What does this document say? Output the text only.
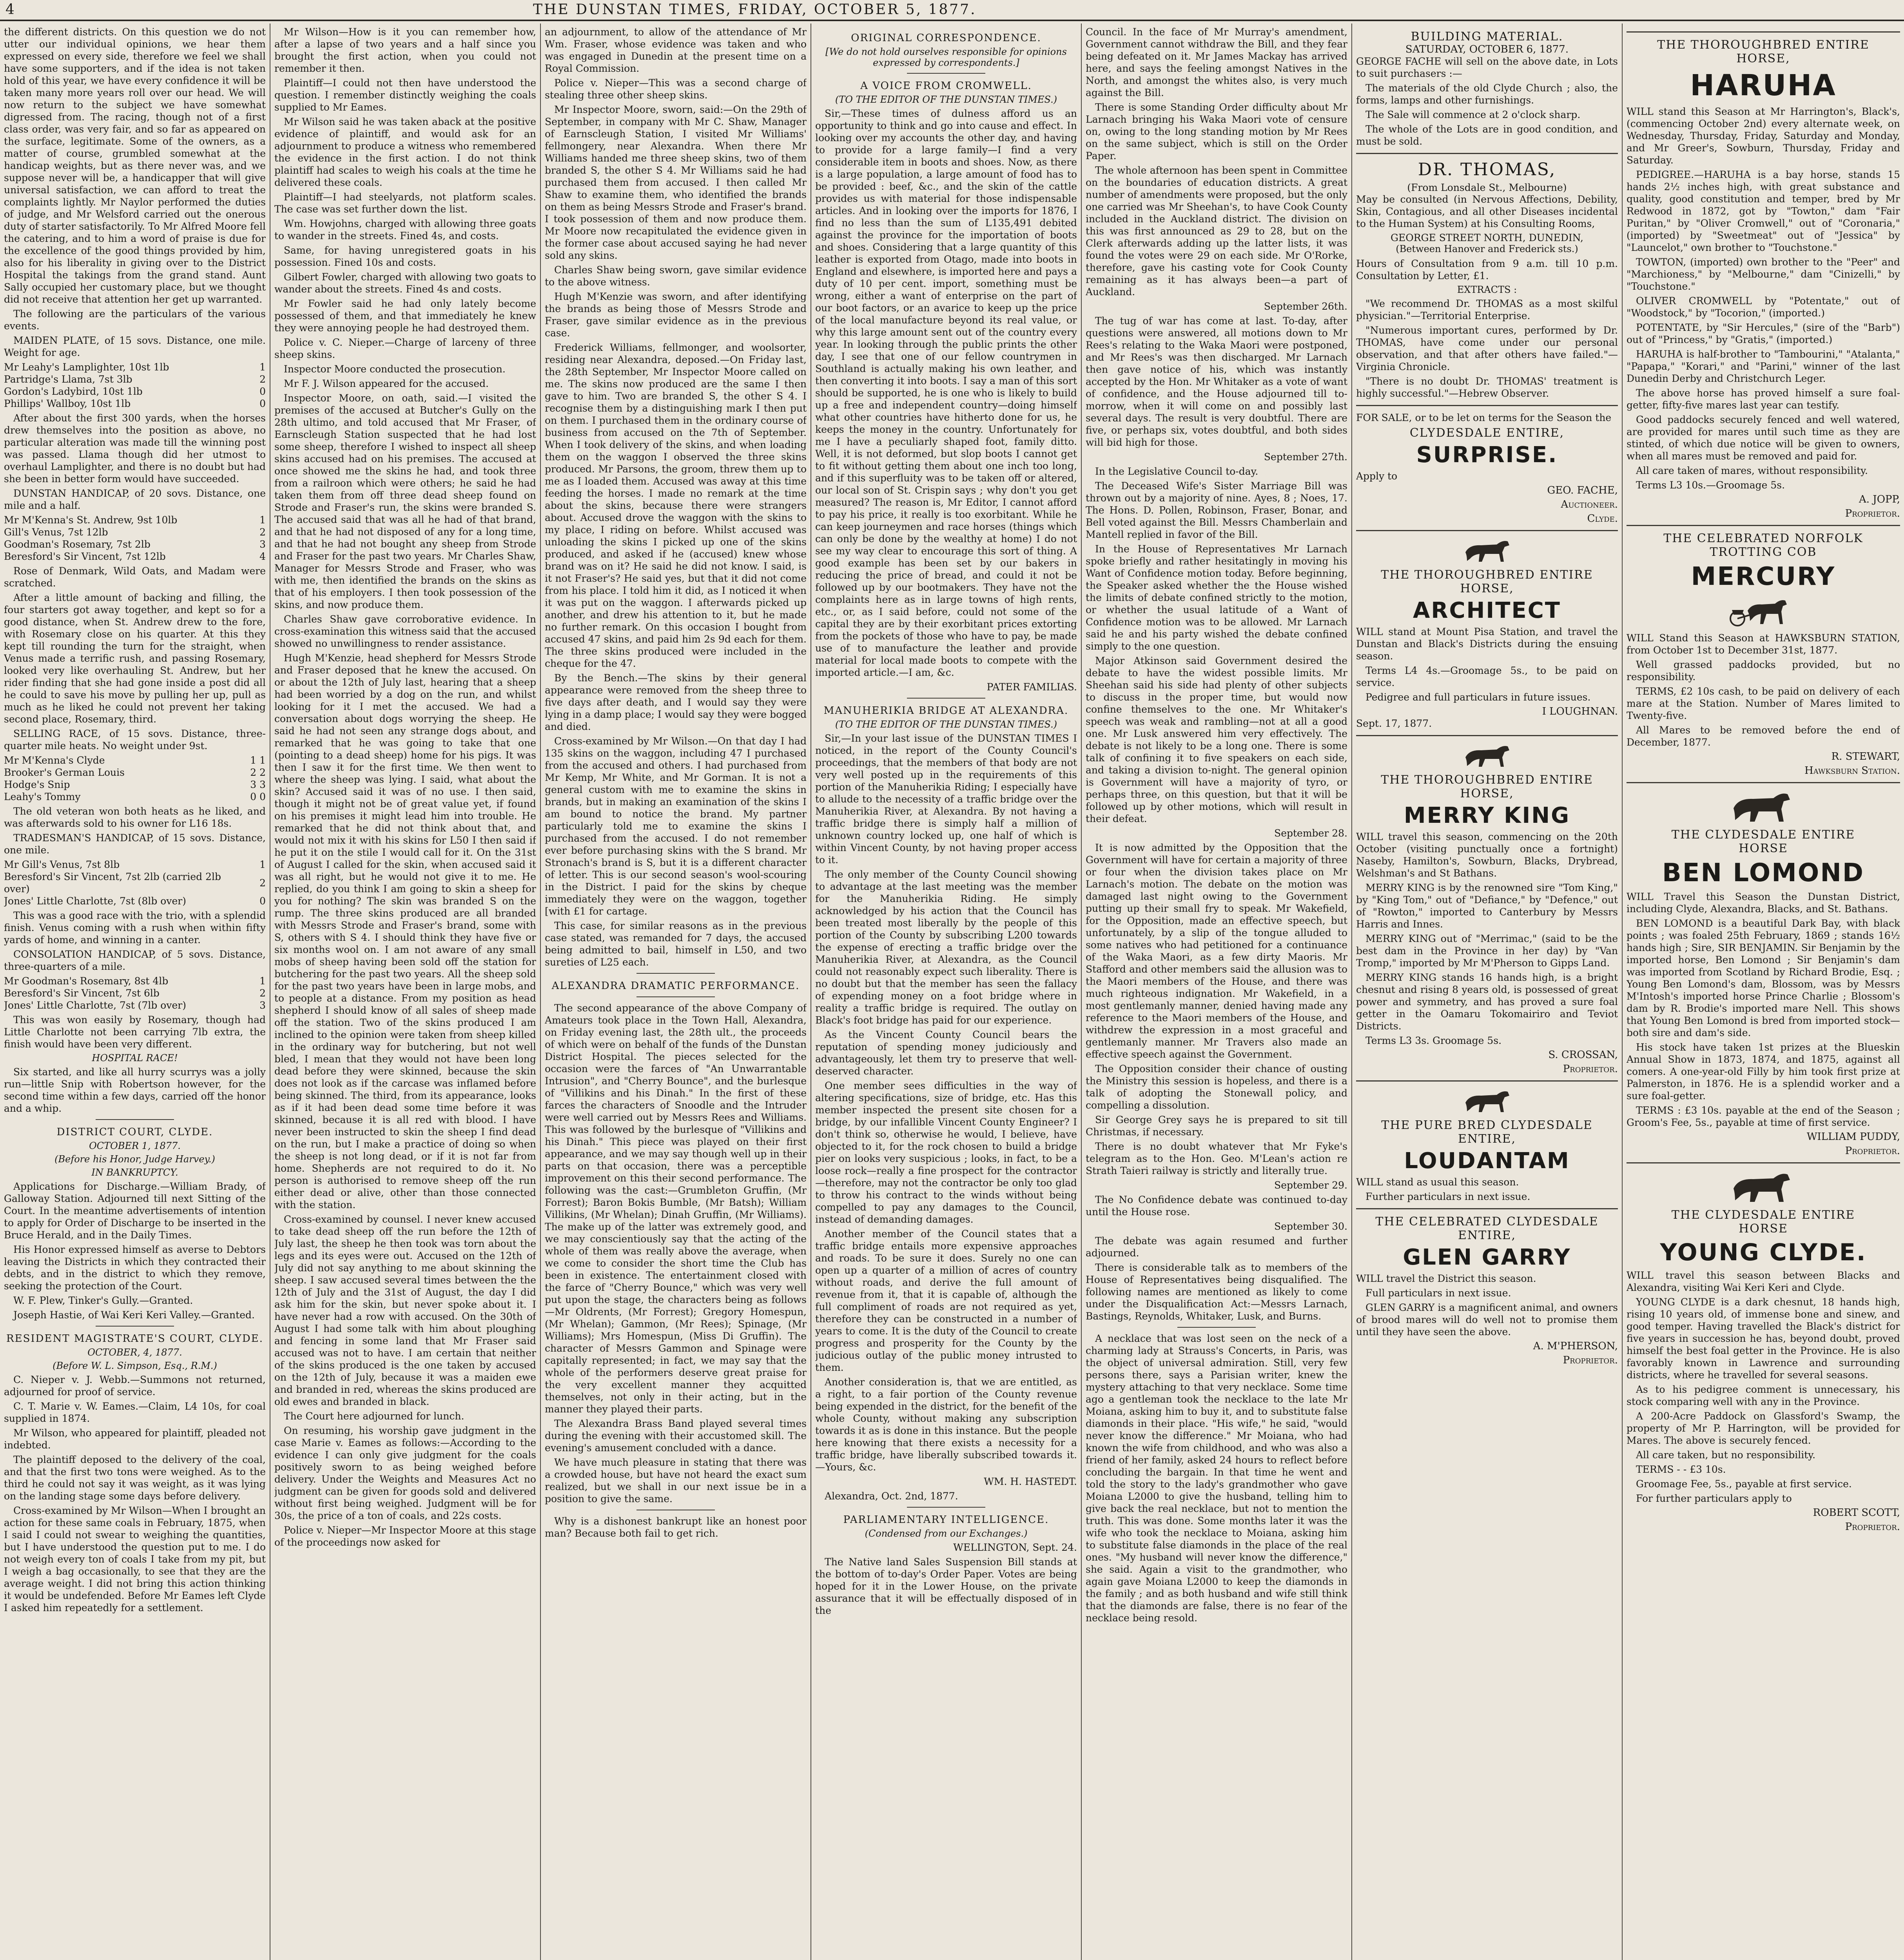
4	THE DUNSTAN TIMES, FRIDAY, OCTOBER 5, 1877.

the different districts. On this question we do not utter our individual opinions, we hear them expressed on every side, therefore we feel we shall have some supporters, and if the idea is not taken hold of this year, we have every confidence it will be taken many more years roll over our head. We will now return to the subject we have somewhat digressed from. The racing, though not of a first class order, was very fair, and so far as appeared on the surface, legitimate. Some of the owners, as a matter of course, grumbled somewhat at the handicap weights, but as there never was, and we suppose never will be, a handicapper that will give universal satisfaction, we can afford to treat the complaints lightly. Mr Naylor performed the duties of judge, and Mr Welsford carried out the onerous duty of starter satisfactorily. To Mr Alfred Moore fell the catering, and to him a word of praise is due for the excellence of the good things provided by him, also for his liberality in giving over to the District Hospital the takings from the grand stand. Aunt Sally occupied her customary place, but we thought did not receive that attention her get up warranted.

The following are the particulars of the various events.

MAIDEN PLATE, of 15 sovs. Distance, one mile. Weight for age.

Mr Leahy's Lamplighter, 10st 1lb	1
Partridge's Llama, 7st 3lb	2
Gordon's Ladybird, 10st 1lb	0
Phillips' Wallboy, 10st 1lb	0

After about the first 300 yards, when the horses drew themselves into the position as above, no particular alteration was made till the winning post was passed. Llama though did her utmost to overhaul Lamplighter, and there is no doubt but had she been in better form would have succeeded.

DUNSTAN HANDICAP, of 20 sovs. Distance, one mile and a half.

Mr M'Kenna's St. Andrew, 9st 10lb	1
Gill's Venus, 7st 12lb	2
Goodman's Rosemary, 7st 2lb	3
Beresford's Sir Vincent, 7st 12lb	4

Rose of Denmark, Wild Oats, and Madam were scratched.

After a little amount of backing and filling, the four starters got away together, and kept so for a good distance, when St. Andrew drew to the fore, with Rosemary close on his quarter. At this they kept till rounding the turn for the straight, when Venus made a terrific rush, and passing Rosemary, looked very like overhauling St. Andrew, but her rider finding that she had gone inside a post did all he could to save his move by pulling her up, pull as much as he liked he could not prevent her taking second place, Rosemary, third.

SELLING RACE, of 15 sovs. Distance, three-quarter mile heats. No weight under 9st.

Mr M'Kenna's Clyde	1 1
Brooker's German Louis	2 2
Hodge's Snip	3 3
Leahy's Tommy	0 0

The old veteran won both heats as he liked, and was afterwards sold to his owner for L16 18s.

TRADESMAN'S HANDICAP, of 15 sovs. Distance, one mile.

Mr Gill's Venus, 7st 8lb	1
Beresford's Sir Vincent, 7st 2lb (carried 2lb over)	2
Jones' Little Charlotte, 7st (8lb over)	0

This was a good race with the trio, with a splendid finish. Venus coming with a rush when within fifty yards of home, and winning in a canter.

CONSOLATION HANDICAP, of 5 sovs. Distance, three-quarters of a mile.

Mr Goodman's Rosemary, 8st 4lb	1
Beresford's Sir Vincent, 7st 6lb	2
Jones' Little Charlotte, 7st (7lb over)	3

This was won easily by Rosemary, though had Little Charlotte not been carrying 7lb extra, the finish would have been very different.

HOSPITAL RACE!

Six started, and like all hurry scurrys was a jolly run—little Snip with Robertson however, for the second time within a few days, carried off the honor and a whip.

DISTRICT COURT, CLYDE.
OCTOBER 1, 1877.
(Before his Honor, Judge Harvey.)
IN BANKRUPTCY.

Applications for Discharge.—William Brady, of Galloway Station. Adjourned till next Sitting of the Court. In the meantime advertisements of intention to apply for Order of Discharge to be inserted in the Bruce Herald, and in the Daily Times.

His Honor expressed himself as averse to Debtors leaving the Districts in which they contracted their debts, and in the district to which they remove, seeking the protection of the Court.

W. F. Plew, Tinker's Gully.—Granted.

Joseph Hastie, of Wai Keri Keri Valley.—Granted.

RESIDENT MAGISTRATE'S COURT, CLYDE.
OCTOBER, 4, 1877.
(Before W. L. Simpson, Esq., R.M.)

C. Nieper v. J. Webb.—Summons not returned, adjourned for proof of service.

C. T. Marie v. W. Eames.—Claim, L4 10s, for coal supplied in 1874.

Mr Wilson, who appeared for plaintiff, pleaded not indebted.

The plaintiff deposed to the delivery of the coal, and that the first two tons were weighed. As to the third he could not say it was weight, as it was lying on the landing stage some days before delivery.

Cross-examined by Mr Wilson—When I brought an action for these same coals in February, 1875, when I said I could not swear to weighing the quantities, but I have understood the question put to me. I do not weigh every ton of coals I take from my pit, but I weigh a bag occasionally, to see that they are the average weight. I did not bring this action thinking it would be undefended. Before Mr Eames left Clyde I asked him repeatedly for a settlement.

Mr Wilson—How is it you can remember how, after a lapse of two years and a half since you brought the first action, when you could not remember it then.

Plaintiff—I could not then have understood the question. I remember distinctly weighing the coals supplied to Mr Eames.

Mr Wilson said he was taken aback at the positive evidence of plaintiff, and would ask for an adjournment to produce a witness who remembered the evidence in the first action. I do not think plaintiff had scales to weigh his coals at the time he delivered these coals.

Plaintiff—I had steelyards, not platform scales. The case was set further down the list.

Wm. Howjohns, charged with allowing three goats to wander in the streets. Fined 4s, and costs.

Same, for having unregistered goats in his possession. Fined 10s and costs.

Gilbert Fowler, charged with allowing two goats to wander about the streets. Fined 4s and costs.

Mr Fowler said he had only lately become possessed of them, and that immediately he knew they were annoying people he had destroyed them.

Police v. C. Nieper.—Charge of larceny of three sheep skins.

Inspector Moore conducted the prosecution.

Mr F. J. Wilson appeared for the accused.

Inspector Moore, on oath, said.—I visited the premises of the accused at Butcher's Gully on the 28th ultimo, and told accused that Mr Fraser, of Earnscleugh Station suspected that he had lost some sheep, therefore I wished to inspect all sheep skins accused had on his premises. The accused at once showed me the skins he had, and took three from a railroon which were others; he said he had taken them from off three dead sheep found on Strode and Fraser's run, the skins were branded S. The accused said that was all he had of that brand, and that he had not disposed of any for a long time, and that he had not bought any sheep from Strode and Fraser for the past two years. Mr Charles Shaw, Manager for Messrs Strode and Fraser, who was with me, then identified the brands on the skins as that of his employers. I then took possession of the skins, and now produce them.

Charles Shaw gave corroborative evidence. In cross-examination this witness said that the accused showed no unwillingness to render assistance.

Hugh M'Kenzie, head shepherd for Messrs Strode and Fraser deposed that he knew the accused. On or about the 12th of July last, hearing that a sheep had been worried by a dog on the run, and whilst looking for it I met the accused. We had a conversation about dogs worrying the sheep. He said he had not seen any strange dogs about, and remarked that he was going to take that one (pointing to a dead sheep) home for his pigs. It was then I saw it for the first time. We then went to where the sheep was lying. I said, what about the skin? Accused said it was of no use. I then said, though it might not be of great value yet, if found on his premises it might lead him into trouble. He remarked that he did not think about that, and would not mix it with his skins for L50 I then said if he put it on the stile I would call for it. On the 31st of August I called for the skin, when accused said it was all right, but he would not give it to me. He replied, do you think I am going to skin a sheep for you for nothing? The skin was branded S on the rump. The three skins produced are all branded with Messrs Strode and Fraser's brand, some with S, others with S 4. I should think they have five or six months wool on. I am not aware of any small mobs of sheep having been sold off the station for butchering for the past two years. All the sheep sold for the past two years have been in large mobs, and to people at a distance. From my position as head shepherd I should know of all sales of sheep made off the station. Two of the skins produced I am inclined to the opinion were taken from sheep killed in the ordinary way for butchering, but not well bled, I mean that they would not have been long dead before they were skinned, because the skin does not look as if the carcase was inflamed before being skinned. The third, from its appearance, looks as if it had been dead some time before it was skinned, because it is all red with blood. I have never been instructed to skin the sheep I find dead on the run, but I make a practice of doing so when the sheep is not long dead, or if it is not far from home. Shepherds are not required to do it. No person is authorised to remove sheep off the run either dead or alive, other than those connected with the station.

Cross-examined by counsel. I never knew accused to take dead sheep off the run before the 12th of July last, the sheep he then took was torn about the legs and its eyes were out. Accused on the 12th of July did not say anything to me about skinning the sheep. I saw accused several times between the the 12th of July and the 31st of August, the day I did ask him for the skin, but never spoke about it. I have never had a row with accused. On the 30th of August I had some talk with him about ploughing and fencing in some land that Mr Fraser said accused was not to have. I am certain that neither of the skins produced is the one taken by accused on the 12th of July, because it was a maiden ewe and branded in red, whereas the skins produced are old ewes and branded in black.

The Court here adjourned for lunch.

On resuming, his worship gave judgment in the case Marie v. Eames as follows:—According to the evidence I can only give judgment for the coals positively sworn to as being weighed before delivery. Under the Weights and Measures Act no judgment can be given for goods sold and delivered without first being weighed. Judgment will be for 30s, the price of a ton of coals, and 22s costs.

Police v. Nieper—Mr Inspector Moore at this stage of the proceedings now asked for

an adjournment, to allow of the attendance of Mr Wm. Fraser, whose evidence was taken and who was engaged in Dunedin at the present time on a Royal Commission.

Police v. Nieper—This was a second charge of stealing three other sheep skins.

Mr Inspector Moore, sworn, said:—On the 29th of September, in company with Mr C. Shaw, Manager of Earnscleugh Station, I visited Mr Williams' fellmongery, near Alexandra. When there Mr Williams handed me three sheep skins, two of them branded S, the other S 4. Mr Williams said he had purchased them from accused. I then called Mr Shaw to examine them, who identified the brands on them as being Messrs Strode and Fraser's brand. I took possession of them and now produce them. Mr Moore now recapitulated the evidence given in the former case about accused saying he had never sold any skins.

Charles Shaw being sworn, gave similar evidence to the above witness.

Hugh M'Kenzie was sworn, and after identifying the brands as being those of Messrs Strode and Fraser, gave similar evidence as in the previous case.

Frederick Williams, fellmonger, and woolsorter, residing near Alexandra, deposed.—On Friday last, the 28th September, Mr Inspector Moore called on me. The skins now produced are the same I then gave to him. Two are branded S, the other S 4. I recognise them by a distinguishing mark I then put on them. I purchased them in the ordinary course of business from accused on the 7th of September. When I took delivery of the skins, and when loading them on the waggon I observed the three skins produced. Mr Parsons, the groom, threw them up to me as I loaded them. Accused was away at this time feeding the horses. I made no remark at the time about the skins, because there were strangers about. Accused drove the waggon with the skins to my place, I riding on before. Whilst accused was unloading the skins I picked up one of the skins produced, and asked if he (accused) knew whose brand was on it? He said he did not know. I said, is it not Fraser's? He said yes, but that it did not come from his place. I told him it did, as I noticed it when it was put on the waggon. I afterwards picked up another, and drew his attention to it, but he made no further remark. On this occasion I bought from accused 47 skins, and paid him 2s 9d each for them. The three skins produced were included in the cheque for the 47.

By the Bench.—The skins by their general appearance were removed from the sheep three to five days after death, and I would say they were lying in a damp place; I would say they were bogged and died.

Cross-examined by Mr Wilson.—On that day I had 135 skins on the waggon, including 47 I purchased from the accused and others. I had purchased from Mr Kemp, Mr White, and Mr Gorman. It is not a general custom with me to examine the skins in brands, but in making an examination of the skins I am bound to notice the brand. My partner particularly told me to examine the skins I purchased from the accused. I do not remember ever before purchasing skins with the S brand. Mr Stronach's brand is S, but it is a different character of letter. This is our second season's wool-scouring in the District. I paid for the skins by cheque immediately they were on the waggon, together [with £1 for cartage.

This case, for similar reasons as in the previous case stated, was remanded for 7 days, the accused being admitted to bail, himself in L50, and two sureties of L25 each.

ALEXANDRA DRAMATIC PERFORMANCE.

The second appearance of the above Company of Amateurs took place in the Town Hall, Alexandra, on Friday evening last, the 28th ult., the proceeds of which were on behalf of the funds of the Dunstan District Hospital. The pieces selected for the occasion were the farces of "An Unwarrantable Intrusion", and "Cherry Bounce", and the burlesque of "Villikins and his Dinah." In the first of these farces the characters of Snoodle and the Intruder were well carried out by Messrs Rees and Williams. This was followed by the burlesque of "Villikins and his Dinah." This piece was played on their first appearance, and we may say though well up in their parts on that occasion, there was a perceptible improvement on this their second performance. The following was the cast:—Grumbleton Gruffin, (Mr Forrest); Baron Bokis Bumble, (Mr Batsh); William Villikins, (Mr Whelan); Dinah Gruffin, (Mr Williams). The make up of the latter was extremely good, and we may conscientiously say that the acting of the whole of them was really above the average, when we come to consider the short time the Club has been in existence. The entertainment closed with the farce of "Cherry Bounce," which was very well put upon the stage, the characters being as follows—Mr Oldrents, (Mr Forrest); Gregory Homespun, (Mr Whelan); Gammon, (Mr Rees); Spinage, (Mr Williams); Mrs Homespun, (Miss Di Gruffin). The character of Messrs Gammon and Spinage were capitally represented; in fact, we may say that the whole of the performers deserve great praise for the very excellent manner they acquitted themselves, not only in their acting, but in the manner they played their parts.

The Alexandra Brass Band played several times during the evening with their accustomed skill. The evening's amusement concluded with a dance.

We have much pleasure in stating that there was a crowded house, but have not heard the exact sum realized, but we shall in our next issue be in a position to give the same.

Why is a dishonest bankrupt like an honest poor man? Because both fail to get rich.

ORIGINAL CORRESPONDENCE.
[We do not hold ourselves responsible for opinions expressed by correspondents.]
A VOICE FROM CROMWELL.
(TO THE EDITOR OF THE DUNSTAN TIMES.)

Sir,—These times of dulness afford us an opportunity to think and go into cause and effect. In looking over my accounts the other day, and having to provide for a large family—I find a very considerable item in boots and shoes. Now, as there is a large population, a large amount of food has to be provided : beef, &c., and the skin of the cattle provides us with material for those indispensable articles. And in looking over the imports for 1876, I find no less than the sum of L135,491 debited against the province for the importation of boots and shoes. Considering that a large quantity of this leather is exported from Otago, made into boots in England and elsewhere, is imported here and pays a duty of 10 per cent. import, something must be wrong, either a want of enterprise on the part of our boot factors, or an avarice to keep up the price of the local manufacture beyond its real value, or why this large amount sent out of the country every year. In looking through the public prints the other day, I see that one of our fellow countrymen in Southland is actually making his own leather, and then converting it into boots. I say a man of this sort should be supported, he is one who is likely to build up a free and independent country—doing himself what other countries have hitherto done for us, he keeps the money in the country. Unfortunately for me I have a peculiarly shaped foot, family ditto. Well, it is not deformed, but slop boots I cannot get to fit without getting them about one inch too long, and if this superfluity was to be taken off or altered, our local son of St. Crispin says ; why don't you get measured? The reason is, Mr Editor, I cannot afford to pay his price, it really is too exorbitant. While he can keep journeymen and race horses (things which can only be done by the wealthy at home) I do not see my way clear to encourage this sort of thing. A good example has been set by our bakers in reducing the price of bread, and could it not be followed up by our bootmakers. They have not the complaints here as in large towns of high rents, etc., or, as I said before, could not some of the capital they are by their exorbitant prices extorting from the pockets of those who have to pay, be made use of to manufacture the leather and provide material for local made boots to compete with the imported article.—I am, &c.

PATER FAMILIAS.

MANUHERIKIA BRIDGE AT ALEXANDRA.
(TO THE EDITOR OF THE DUNSTAN TIMES.)

Sir,—In your last issue of the DUNSTAN TIMES I noticed, in the report of the County Council's proceedings, that the members of that body are not very well posted up in the requirements of this portion of the Manuherikia Riding; I especially have to allude to the necessity of a traffic bridge over the Manuherikia River, at Alexandra. By not having a traffic bridge there is simply half a million of unknown country locked up, one half of which is within Vincent County, by not having proper access to it.

The only member of the County Council showing to advantage at the last meeting was the member for the Manuherikia Riding. He simply acknowledged by his action that the Council has been treated most liberally by the people of this portion of the County by subscribing L200 towards the expense of erecting a traffic bridge over the Manuherikia River, at Alexandra, as the Council could not reasonably expect such liberality. There is no doubt but that the member has seen the fallacy of expending money on a foot bridge where in reality a traffic bridge is required. The outlay on Black's foot bridge has paid for our experience.

As the Vincent County Council bears the reputation of spending money judiciously and advantageously, let them try to preserve that well-deserved character.

One member sees difficulties in the way of altering specifications, size of bridge, etc. Has this member inspected the present site chosen for a bridge, by our infallible Vincent County Engineer? I don't think so, otherwise he would, I believe, have objected to it, for the rock chosen to build a bridge pier on looks very suspicious ; looks, in fact, to be a loose rock—really a fine prospect for the contractor—therefore, may not the contractor be only too glad to throw his contract to the winds without being compelled to pay any damages to the Council, instead of demanding damages.

Another member of the Council states that a traffic bridge entails more expensive approaches and roads. To be sure it does. Surely no one can open up a quarter of a million of acres of country without roads, and derive the full amount of revenue from it, that it is capable of, although the full compliment of roads are not required as yet, therefore they can be constructed in a number of years to come. It is the duty of the Council to create progress and prosperity for the County by the judicious outlay of the public money intrusted to them.

Another consideration is, that we are entitled, as a right, to a fair portion of the County revenue being expended in the district, for the benefit of the whole County, without making any subscription towards it as is done in this instance. But the people here knowing that there exists a necessity for a traffic bridge, have liberally subscribed towards it.—Yours, &c.

WM. H. HASTEDT.

Alexandra, Oct. 2nd, 1877.

PARLIAMENTARY INTELLIGENCE.
(Condensed from our Exchanges.)

WELLINGTON, Sept. 24.

The Native land Sales Suspension Bill stands at the bottom of to-day's Order Paper. Votes are being hoped for it in the Lower House, on the private assurance that it will be effectually disposed of in the

Council. In the face of Mr Murray's amendment, Government cannot withdraw the Bill, and they fear being defeated on it. Mr James Mackay has arrived here, and says the feeling amongst Natives in the North, and amongst the whites also, is very much against the Bill.

There is some Standing Order difficulty about Mr Larnach bringing his Waka Maori vote of censure on, owing to the long standing motion by Mr Rees on the same subject, which is still on the Order Paper.

The whole afternoon has been spent in Committee on the boundaries of education districts. A great number of amendments were proposed, but the only one carried was Mr Sheehan's, to have Cook County included in the Auckland district. The division on this was first announced as 29 to 28, but on the Clerk afterwards adding up the latter lists, it was found the votes were 29 on each side. Mr O'Rorke, therefore, gave his casting vote for Cook County remaining as it has always been—a part of Auckland.

September 26th.

The tug of war has come at last. To-day, after questions were answered, all motions down to Mr Rees's relating to the Waka Maori were postponed, and Mr Rees's was then discharged. Mr Larnach then gave notice of his, which was instantly accepted by the Hon. Mr Whitaker as a vote of want of confidence, and the House adjourned till to-morrow, when it will come on and possibly last several days. The result is very doubtful. There are five, or perhaps six, votes doubtful, and both sides will bid high for those.

September 27th.

In the Legislative Council to-day.

The Deceased Wife's Sister Marriage Bill was thrown out by a majority of nine. Ayes, 8 ; Noes, 17. The Hons. D. Pollen, Robinson, Fraser, Bonar, and Bell voted against the Bill. Messrs Chamberlain and Mantell replied in favor of the Bill.

In the House of Representatives Mr Larnach spoke briefly and rather hesitatingly in moving his Want of Confidence motion today. Before beginning, the Speaker asked whether the the House wished the limits of debate confined strictly to the motion, or whether the usual latitude of a Want of Confidence motion was to be allowed. Mr Larnach said he and his party wished the debate confined simply to the one question.

Major Atkinson said Government desired the debate to have the widest possible limits. Mr Sheehan said his side had plenty of other subjects to discuss in the proper time, but would now confine themselves to the one. Mr Whitaker's speech was weak and rambling—not at all a good one. Mr Lusk answered him very effectively. The debate is not likely to be a long one. There is some talk of confining it to five speakers on each side, and taking a division to-night. The general opinion is Government will have a majority of tyro, or perhaps three, on this question, but that it will be followed up by other motions, which will result in their defeat.

September 28.

It is now admitted by the Opposition that the Government will have for certain a majority of three or four when the division takes place on Mr Larnach's motion. The debate on the motion was damaged last night owing to the Government putting up their small fry to speak. Mr Wakefield, for the Opposition, made an effective speech, but unfortunately, by a slip of the tongue alluded to some natives who had petitioned for a continuance of the Waka Maori, as a few dirty Maoris. Mr Stafford and other members said the allusion was to the Maori members of the House, and there was much righteous indignation. Mr Wakefield, in a most gentlemanly manner, denied having made any reference to the Maori members of the House, and withdrew the expression in a most graceful and gentlemanly manner. Mr Travers also made an effective speech against the Government.

The Opposition consider their chance of ousting the Ministry this session is hopeless, and there is a talk of adopting the Stonewall policy, and compelling a dissolution.

Sir George Grey says he is prepared to sit till Christmas, if necessary.

There is no doubt whatever that Mr Fyke's telegram as to the Hon. Geo. M'Lean's action re Strath Taieri railway is strictly and literally true.

September 29.

The No Confidence debate was continued to-day until the House rose.

September 30.

The debate was again resumed and further adjourned.

There is considerable talk as to members of the House of Representatives being disqualified. The following names are mentioned as likely to come under the Disqualification Act:—Messrs Larnach, Bastings, Reynolds, Whitaker, Lusk, and Burns.

A necklace that was lost seen on the neck of a charming lady at Strauss's Concerts, in Paris, was the object of universal admiration. Still, very few persons there, says a Parisian writer, knew the mystery attaching to that very necklace. Some time ago a gentleman took the necklace to the late Mr Moiana, asking him to buy it, and to substitute false diamonds in their place. "His wife," he said, "would never know the difference." Mr Moiana, who had known the wife from childhood, and who was also a friend of her family, asked 24 hours to reflect before concluding the bargain. In that time he went and told the story to the lady's grandmother who gave Moiana L2000 to give the husband, telling him to give back the real necklace, but not to mention the truth. This was done. Some months later it was the wife who took the necklace to Moiana, asking him to substitute false diamonds in the place of the real ones. "My husband will never know the difference," she said. Again a visit to the grandmother, who again gave Moiana L2000 to keep the diamonds in the family ; and as both husband and wife still think that the diamonds are false, there is no fear of the necklace being resold.

BUILDING MATERIAL.
SATURDAY, OCTOBER 6, 1877.

GEORGE FACHE will sell on the above date, in Lots to suit purchasers :—

The materials of the old Clyde Church ; also, the forms, lamps and other furnishings.

The Sale will commence at 2 o'clock sharp.

The whole of the Lots are in good condition, and must be sold.

DR. THOMAS,
(From Lonsdale St., Melbourne)

May be consulted (in Nervous Affections, Debility, Skin, Contagious, and all other Diseases incidental to the Human System) at his Consulting Rooms,

GEORGE STREET NORTH, DUNEDIN,
(Between Hanover and Frederick sts.)

Hours of Consultation from 9 a.m. till 10 p.m. Consultation by Letter, £1.

EXTRACTS :

"We recommend Dr. THOMAS as a most skilful physician."—Territorial Enterprise.

"Numerous important cures, performed by Dr. THOMAS, have come under our personal observation, and that after others have failed."—Virginia Chronicle.

"There is no doubt Dr. THOMAS' treatment is highly successful."—Hebrew Observer.

FOR SALE, or to be let on terms for the Season the

CLYDESDALE ENTIRE,
SURPRISE.

Apply to

GEO. FACHE,
Auctioneer.
Clyde.
THE THOROUGHBRED ENTIRE
HORSE,
ARCHITECT

WILL stand at Mount Pisa Station, and travel the Dunstan and Black's Districts during the ensuing season.

Terms L4 4s.—Groomage 5s., to be paid on service.

Pedigree and full particulars in future issues.

I LOUGHNAN.

Sept. 17, 1877.

THE THOROUGHBRED ENTIRE
HORSE,
MERRY KING

WILL travel this season, commencing on the 20th October (visiting punctually once a fortnight) Naseby, Hamilton's, Sowburn, Blacks, Drybread, Welshman's and St Bathans.

MERRY KING is by the renowned sire "Tom King," by "King Tom," out of "Defiance," by "Defence," out of "Rowton," imported to Canterbury by Messrs Harris and Innes.

MERRY KING out of "Merrimac," (said to be the best dam in the Province in her day) by "Van Tromp," imported by Mr M'Pherson to Gipps Land.

MERRY KING stands 16 hands high, is a bright chesnut and rising 8 years old, is possessed of great power and symmetry, and has proved a sure foal getter in the Oamaru Tokomairiro and Teviot Districts.

Terms L3 3s. Groomage 5s.

S. CROSSAN,
Proprietor.
THE PURE BRED CLYDESDALE
ENTIRE,
LOUDANTAM

WILL stand as usual this season.

Further particulars in next issue.

THE CELEBRATED CLYDESDALE ENTIRE,
GLEN GARRY

WILL travel the District this season.

Full particulars in next issue.

GLEN GARRY is a magnificent animal, and owners of brood mares will do well not to promise them until they have seen the above.

A. M'PHERSON,
Proprietor.
THE THOROUGHBRED ENTIRE
HORSE,
HARUHA

WILL stand this Season at Mr Harrington's, Black's, (commencing October 2nd) every alternate week, on Wednesday, Thursday, Friday, Saturday and Monday, and Mr Greer's, Sowburn, Thursday, Friday and Saturday.

PEDIGREE.—HARUHA is a bay horse, stands 15 hands 2½ inches high, with great substance and quality, good constitution and temper, bred by Mr Redwood in 1872, got by "Towton," dam "Fair Puritan," by "Oliver Cromwell," out of "Coronaria," (imported) by "Sweetmeat" out of "Jessica" by "Launcelot," own brother to "Touchstone."

TOWTON, (imported) own brother to the "Peer" and "Marchioness," by "Melbourne," dam "Cinizelli," by "Touchstone."

OLIVER CROMWELL by "Potentate," out of "Woodstock," by "Tocorion," (imported.)

POTENTATE, by "Sir Hercules," (sire of the "Barb") out of "Princess," by "Gratis," (imported.)

HARUHA is half-brother to "Tambourini," "Atalanta," "Papapa," "Korari," and "Parini," winner of the last Dunedin Derby and Christchurch Leger.

The above horse has proved himself a sure foal-getter, fifty-five mares last year can testify.

Good paddocks securely fenced and well watered, are provided for mares until such time as they are stinted, of which due notice will be given to owners, when all mares must be removed and paid for.

All care taken of mares, without responsibility.

Terms L3 10s.—Groomage 5s.

A. JOPP,
Proprietor.
THE CELEBRATED NORFOLK
TROTTING COB
MERCURY

WILL Stand this Season at HAWKSBURN STATION, from October 1st to December 31st, 1877.

Well grassed paddocks provided, but no responsibility.

TERMS, £2 10s cash, to be paid on delivery of each mare at the Station. Number of Mares limited to Twenty-five.

All Mares to be removed before the end of December, 1877.

R. STEWART,
Hawksburn Station.
THE CLYDESDALE ENTIRE
HORSE
BEN LOMOND

WILL Travel this Season the Dunstan District, including Clyde, Alexandra, Blacks, and St. Bathans.

BEN LOMOND is a beautiful Dark Bay, with black points ; was foaled 25th February, 1869 ; stands 16½ hands high ; Sire, SIR BENJAMIN. Sir Benjamin by the imported horse, Ben Lomond ; Sir Benjamin's dam was imported from Scotland by Richard Brodie, Esq. ; Young Ben Lomond's dam, Blossom, was by Messrs M'Intosh's imported horse Prince Charlie ; Blossom's dam by R. Brodie's imported mare Nell. This shows that Young Ben Lomond is bred from imported stock—both sire and dam's side.

His stock have taken 1st prizes at the Blueskin Annual Show in 1873, 1874, and 1875, against all comers. A one-year-old Filly by him took first prize at Palmerston, in 1876. He is a splendid worker and a sure foal-getter.

TERMS : £3 10s. payable at the end of the Season ; Groom's Fee, 5s., payable at time of first service.

WILLIAM PUDDY,
Proprietor.
THE CLYDESDALE ENTIRE
HORSE
YOUNG CLYDE.

WILL travel this season between Blacks and Alexandra, visiting Wai Keri Keri and Clyde.

YOUNG CLYDE is a dark chesnut, 18 hands high, rising 10 years old, of immense bone and sinew, and good temper. Having travelled the Black's district for five years in succession he has, beyond doubt, proved himself the best foal getter in the Province. He is also favorably known in Lawrence and surrounding districts, where he travelled for several seasons.

As to his pedigree comment is unnecessary, his stock comparing well with any in the Province.

A 200-Acre Paddock on Glassford's Swamp, the property of Mr P. Harrington, will be provided for Mares. The above is securely fenced.

All care taken, but no responsibility.

TERMS - - £3 10s.

Groomage Fee, 5s., payable at first service.

For further particulars apply to

ROBERT SCOTT,
Proprietor.
